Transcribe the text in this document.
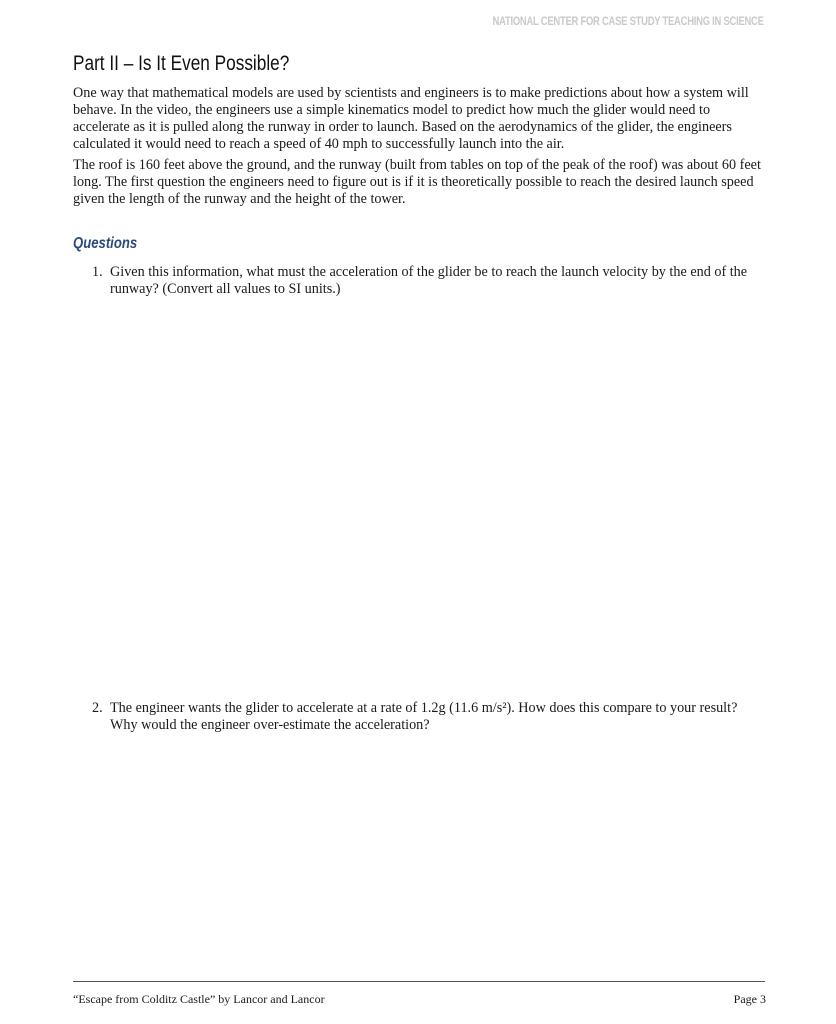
NATIONAL CENTER FOR CASE STUDY TEACHING IN SCIENCE
Part II – Is It Even Possible?

One way that mathematical models are used by scientists and engineers is to make predictions about how a system will behave. In the video, the engineers use a simple kinematics model to predict how much the glider would need to accelerate as it is pulled along the runway in order to launch. Based on the aerodynamics of the glider, the engineers calculated it would need to reach a speed of 40 mph to successfully launch into the air.

The roof is 160 feet above the ground, and the runway (built from tables on top of the peak of the roof) was about 60 feet long. The first question the engineers need to figure out is if it is theoretically possible to reach the desired launch speed given the length of the runway and the height of the tower.

Questions
1. Given this information, what must the acceleration of the glider be to reach the launch velocity by the end of the runway? (Convert all values to SI units.)
2. The engineer wants the glider to accelerate at a rate of 1.2g (11.6 m/s²). How does this compare to your result? Why would the engineer over-estimate the acceleration?
“Escape from Colditz Castle” by Lancor and Lancor	Page 3
